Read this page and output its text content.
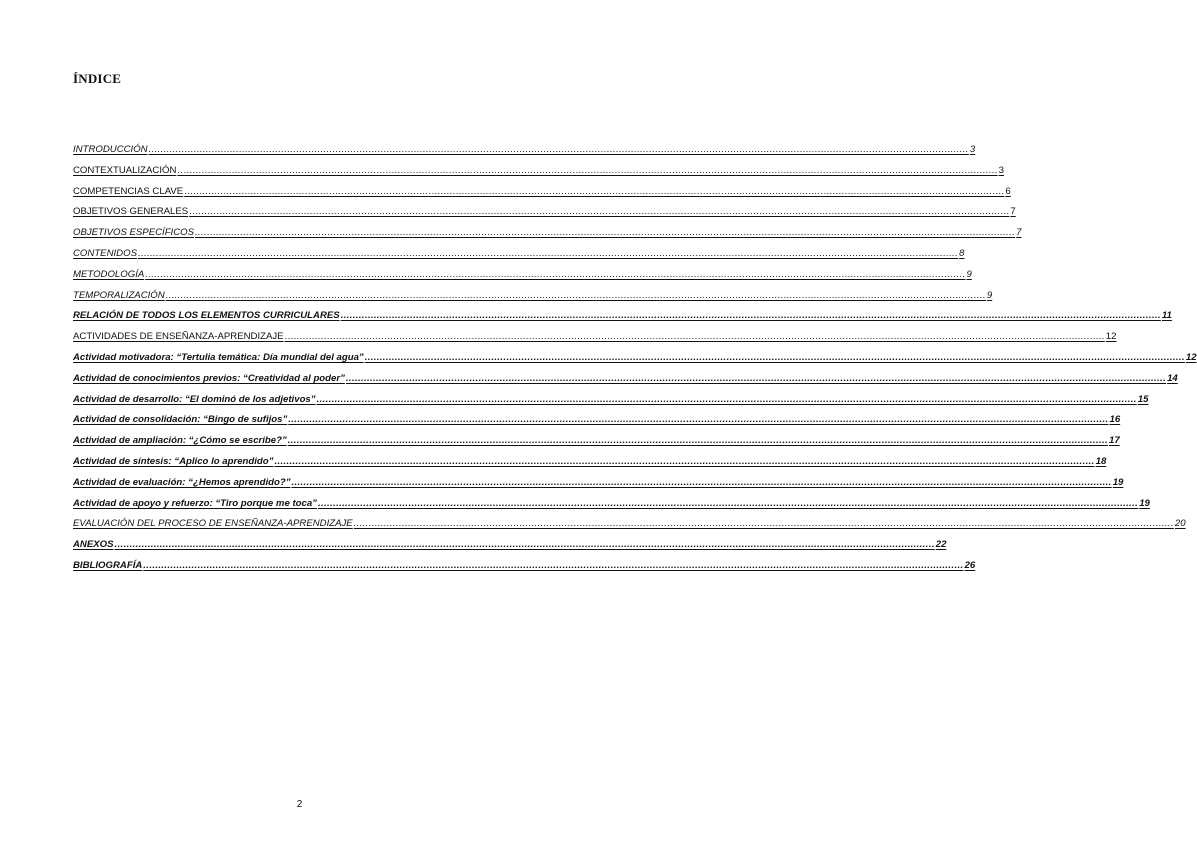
ÍNDICE
INTRODUCCIÓN .....	3
CONTEXTUALIZACIÓN .....	3
COMPETENCIAS CLAVE .....	6
OBJETIVOS GENERALES .....	7
OBJETIVOS ESPECÍFICOS .....	7
CONTENIDOS .....	8
METODOLOGÍA .....	9
TEMPORALIZACIÓN .....	9
RELACIÓN DE TODOS LOS ELEMENTOS CURRICULARES .....	11
ACTIVIDADES DE ENSEÑANZA-APRENDIZAJE .....	12
Actividad motivadora: “Tertulia temática: Día mundial del agua” .....	12
Actividad de conocimientos previos: “Creatividad al poder” .....	14
Actividad de desarrollo: “El dominó de los adjetivos” .....	15
Actividad de consolidación: “Bingo de sufijos” .....	16
Actividad de ampliación: “¿Cómo se escribe?” .....	17
Actividad de síntesis: “Aplico lo aprendido” .....	18
Actividad de evaluación: “¿Hemos aprendido?” .....	19
Actividad de apoyo y refuerzo: “Tiro porque me toca” .....	19
EVALUACIÓN DEL PROCESO DE ENSEÑANZA-APRENDIZAJE .....	20
ANEXOS .....	22
BIBLIOGRAFÍA .....	26
2
